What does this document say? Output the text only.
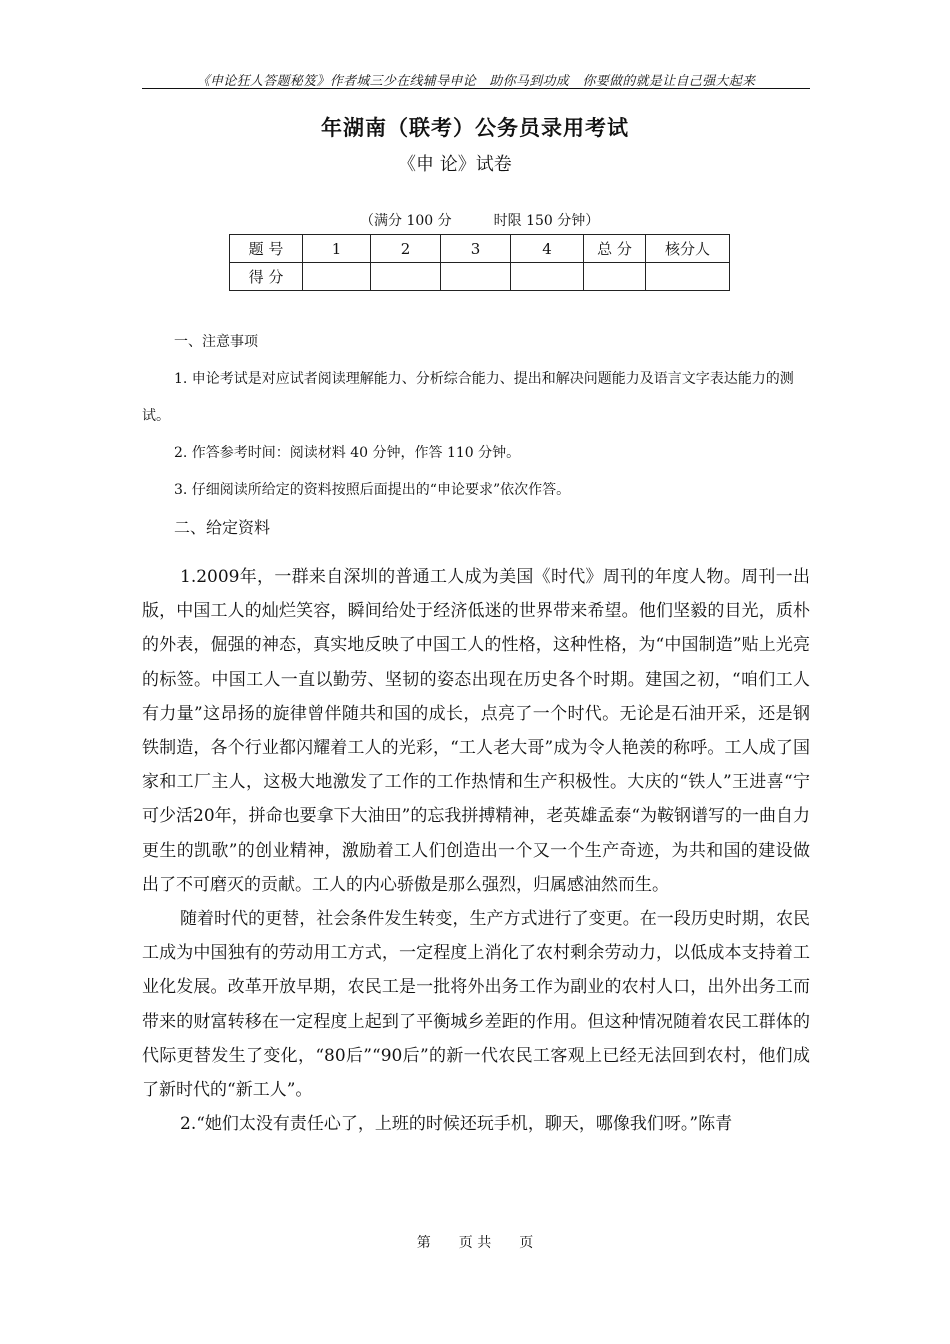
《申论狂人答题秘笈》作者城三少在线辅导申论　助你马到功成　你要做的就是让自己强大起来
年湖南（联考）公务员录用考试
《申 论》试卷
（满分 100 分　　　时限 150 分钟）
题 号	1	2	3	4	总 分	核分人
得 分						

一、注意事项

1. 申论考试是对应试者阅读理解能力、分析综合能力、提出和解决问题能力及语言文字表达能力的测试。

2. 作答参考时间：阅读材料 40 分钟，作答 110 分钟。

3. 仔细阅读所给定的资料按照后面提出的“申论要求”依次作答。

二、给定资料

1.2009年，一群来自深圳的普通工人成为美国《时代》周刊的年度人物。周刊一出版，中国工人的灿烂笑容，瞬间给处于经济低迷的世界带来希望。他们坚毅的目光，质朴的外表，倔强的神态，真实地反映了中国工人的性格，这种性格，为“中国制造”贴上光亮的标签。中国工人一直以勤劳、坚韧的姿态出现在历史各个时期。建国之初，“咱们工人有力量”这昂扬的旋律曾伴随共和国的成长，点亮了一个时代。无论是石油开采，还是钢铁制造，各个行业都闪耀着工人的光彩，“工人老大哥”成为令人艳羡的称呼。工人成了国家和工厂主人，这极大地激发了工作的工作热情和生产积极性。大庆的“铁人”王进喜“宁可少活20年，拼命也要拿下大油田”的忘我拼搏精神，老英雄孟泰“为鞍钢谱写的一曲自力更生的凯歌”的创业精神，激励着工人们创造出一个又一个生产奇迹，为共和国的建设做出了不可磨灭的贡献。工人的内心骄傲是那么强烈，归属感油然而生。

随着时代的更替，社会条件发生转变，生产方式进行了变更。在一段历史时期，农民工成为中国独有的劳动用工方式，一定程度上消化了农村剩余劳动力，以低成本支持着工业化发展。改革开放早期，农民工是一批将外出务工作为副业的农村人口，出外出务工而带来的财富转移在一定程度上起到了平衡城乡差距的作用。但这种情况随着农民工群体的代际更替发生了变化，“80后”“90后”的新一代农民工客观上已经无法回到农村，他们成了新时代的“新工人”。

2.“她们太没有责任心了，上班的时候还玩手机，聊天，哪像我们呀。”陈青

第　　页 共　　页
